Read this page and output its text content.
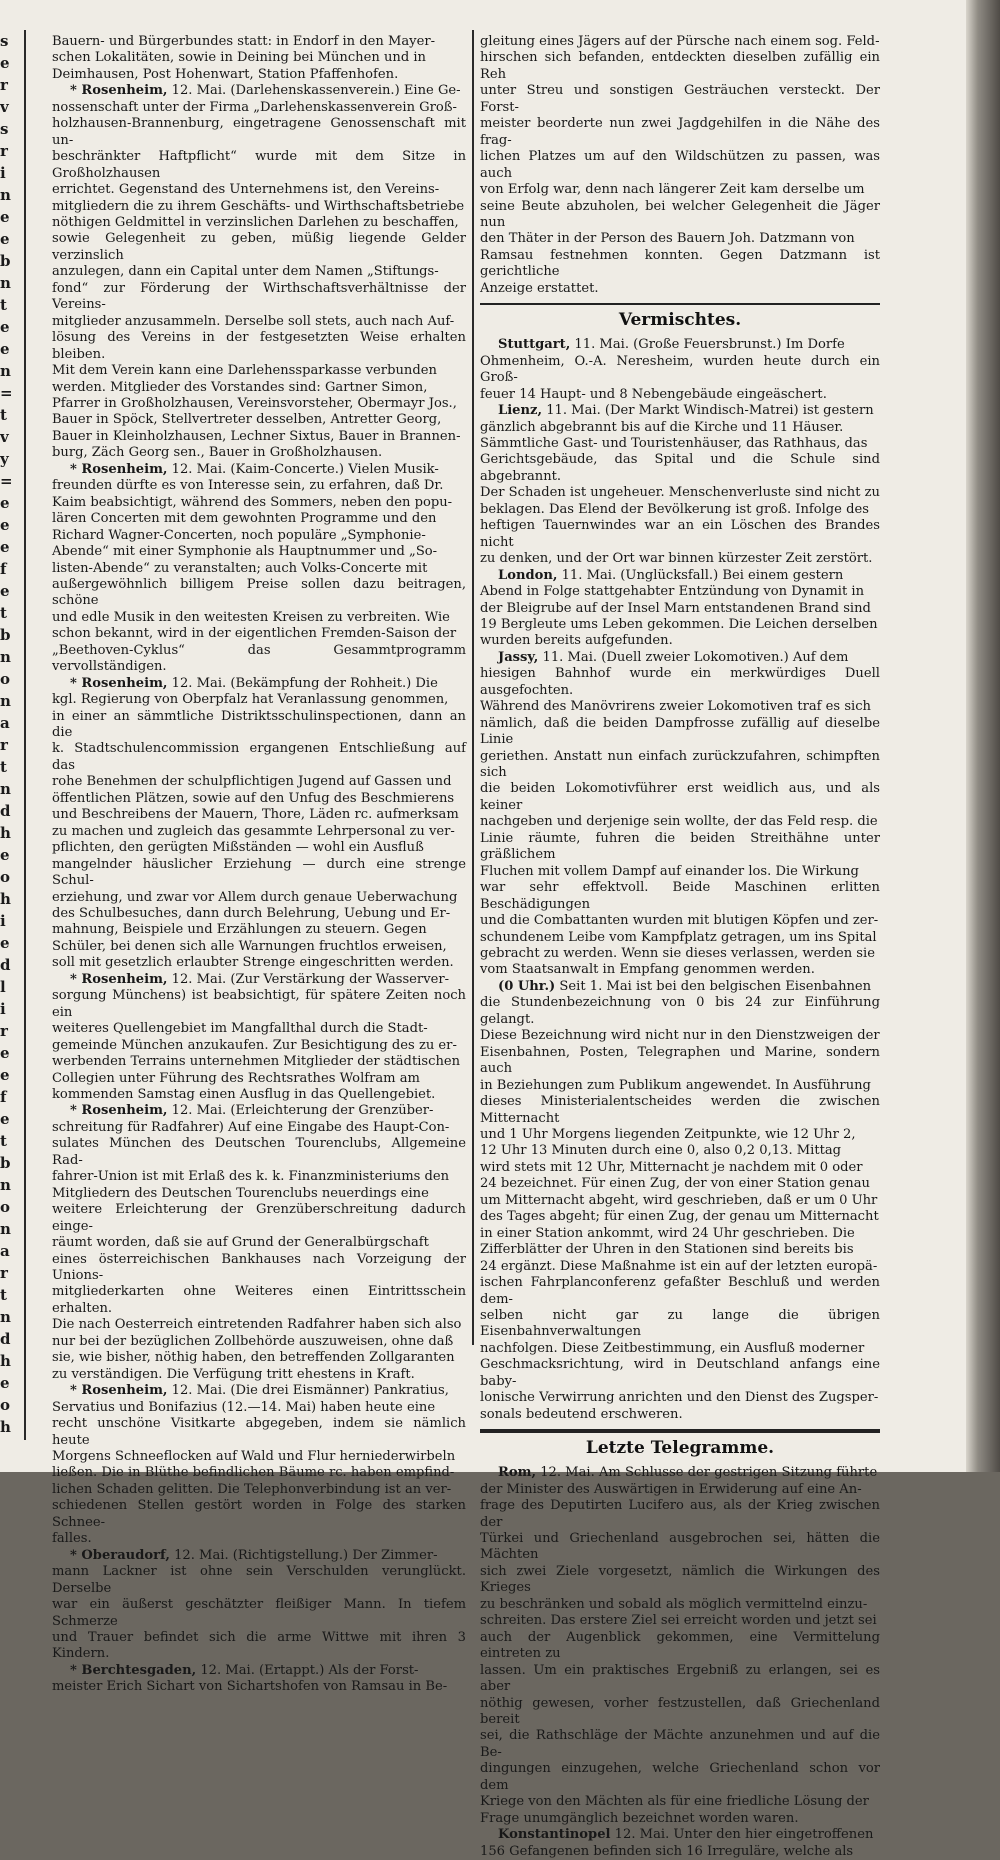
s
e
r
v
s
r
i
n
e
e
b
n
t
e
e
n
=
t
v
y
=
e
e
e
f
e
t
b
n
o
n
a
r
t
n
d
h
e
o
h
i
e
d
l
i
r
e
e
f
e
t
b
n
o
n
a
r
t
n
d
h
e
o
h

Bauern- und Bürgerbundes statt: in Endorf in den Mayer-

schen Lokalitäten, sowie in Deining bei München und in

Deimhausen, Post Hohenwart, Station Pfaffenhofen.

* Rosenheim, 12. Mai. (Darlehenskassenverein.) Eine Ge-

nossenschaft unter der Firma „Darlehenskassenverein Groß-

holzhausen-Brannenburg, eingetragene Genossenschaft mit un-

beschränkter Haftpflicht“ wurde mit dem Sitze in Großholzhausen

errichtet. Gegenstand des Unternehmens ist, den Vereins-

mitgliedern die zu ihrem Geschäfts- und Wirthschaftsbetriebe

nöthigen Geldmittel in verzinslichen Darlehen zu beschaffen,

sowie Gelegenheit zu geben, müßig liegende Gelder verzinslich

anzulegen, dann ein Capital unter dem Namen „Stiftungs-

fond“ zur Förderung der Wirthschaftsverhältnisse der Vereins-

mitglieder anzusammeln. Derselbe soll stets, auch nach Auf-

lösung des Vereins in der festgesetzten Weise erhalten bleiben.

Mit dem Verein kann eine Darlehenssparkasse verbunden

werden. Mitglieder des Vorstandes sind: Gartner Simon,

Pfarrer in Großholzhausen, Vereinsvorsteher, Obermayr Jos.,

Bauer in Spöck, Stellvertreter desselben, Antretter Georg,

Bauer in Kleinholzhausen, Lechner Sixtus, Bauer in Brannen-

burg, Zäch Georg sen., Bauer in Großholzhausen.

* Rosenheim, 12. Mai. (Kaim-Concerte.) Vielen Musik-

freunden dürfte es von Interesse sein, zu erfahren, daß Dr.

Kaim beabsichtigt, während des Sommers, neben den popu-

lären Concerten mit dem gewohnten Programme und den

Richard Wagner-Concerten, noch populäre „Symphonie-

Abende“ mit einer Symphonie als Hauptnummer und „So-

listen-Abende“ zu veranstalten; auch Volks-Concerte mit

außergewöhnlich billigem Preise sollen dazu beitragen, schöne

und edle Musik in den weitesten Kreisen zu verbreiten. Wie

schon bekannt, wird in der eigentlichen Fremden-Saison der

„Beethoven-Cyklus“ das Gesammtprogramm vervollständigen.

* Rosenheim, 12. Mai. (Bekämpfung der Rohheit.) Die

kgl. Regierung von Oberpfalz hat Veranlassung genommen,

in einer an sämmtliche Distriktsschulinspectionen, dann an die

k. Stadtschulencommission ergangenen Entschließung auf das

rohe Benehmen der schulpflichtigen Jugend auf Gassen und

öffentlichen Plätzen, sowie auf den Unfug des Beschmierens

und Beschreibens der Mauern, Thore, Läden rc. aufmerksam

zu machen und zugleich das gesammte Lehrpersonal zu ver-

pflichten, den gerügten Mißständen — wohl ein Ausfluß

mangelnder häuslicher Erziehung — durch eine strenge Schul-

erziehung, und zwar vor Allem durch genaue Ueberwachung

des Schulbesuches, dann durch Belehrung, Uebung und Er-

mahnung, Beispiele und Erzählungen zu steuern. Gegen

Schüler, bei denen sich alle Warnungen fruchtlos erweisen,

soll mit gesetzlich erlaubter Strenge eingeschritten werden.

* Rosenheim, 12. Mai. (Zur Verstärkung der Wasserver-

sorgung Münchens) ist beabsichtigt, für spätere Zeiten noch ein

weiteres Quellengebiet im Mangfallthal durch die Stadt-

gemeinde München anzukaufen. Zur Besichtigung des zu er-

werbenden Terrains unternehmen Mitglieder der städtischen

Collegien unter Führung des Rechtsrathes Wolfram am

kommenden Samstag einen Ausflug in das Quellengebiet.

* Rosenheim, 12. Mai. (Erleichterung der Grenzüber-

schreitung für Radfahrer) Auf eine Eingabe des Haupt-Con-

sulates München des Deutschen Tourenclubs, Allgemeine Rad-

fahrer-Union ist mit Erlaß des k. k. Finanzministeriums den

Mitgliedern des Deutschen Tourenclubs neuerdings eine

weitere Erleichterung der Grenzüberschreitung dadurch einge-

räumt worden, daß sie auf Grund der Generalbürgschaft

eines österreichischen Bankhauses nach Vorzeigung der Unions-

mitgliederkarten ohne Weiteres einen Eintrittsschein erhalten.

Die nach Oesterreich eintretenden Radfahrer haben sich also

nur bei der bezüglichen Zollbehörde auszuweisen, ohne daß

sie, wie bisher, nöthig haben, den betreffenden Zollgaranten

zu verständigen. Die Verfügung tritt ehestens in Kraft.

* Rosenheim, 12. Mai. (Die drei Eismänner) Pankratius,

Servatius und Bonifazius (12.—14. Mai) haben heute eine

recht unschöne Visitkarte abgegeben, indem sie nämlich heute

Morgens Schneeflocken auf Wald und Flur herniederwirbeln

ließen. Die in Blüthe befindlichen Bäume rc. haben empfind-

lichen Schaden gelitten. Die Telephonverbindung ist an ver-

schiedenen Stellen gestört worden in Folge des starken Schnee-

falles.

* Oberaudorf, 12. Mai. (Richtigstellung.) Der Zimmer-

mann Lackner ist ohne sein Verschulden verunglückt. Derselbe

war ein äußerst geschätzter fleißiger Mann. In tiefem Schmerze

und Trauer befindet sich die arme Wittwe mit ihren 3 Kindern.

* Berchtesgaden, 12. Mai. (Ertappt.) Als der Forst-

meister Erich Sichart von Sichartshofen von Ramsau in Be-

gleitung eines Jägers auf der Pürsche nach einem sog. Feld-

hirschen sich befanden, entdeckten dieselben zufällig ein Reh

unter Streu und sonstigen Gesträuchen versteckt. Der Forst-

meister beorderte nun zwei Jagdgehilfen in die Nähe des frag-

lichen Platzes um auf den Wildschützen zu passen, was auch

von Erfolg war, denn nach längerer Zeit kam derselbe um

seine Beute abzuholen, bei welcher Gelegenheit die Jäger nun

den Thäter in der Person des Bauern Joh. Datzmann von

Ramsau festnehmen konnten. Gegen Datzmann ist gerichtliche

Anzeige erstattet.

Vermischtes.

Stuttgart, 11. Mai. (Große Feuersbrunst.) Im Dorfe

Ohmenheim, O.-A. Neresheim, wurden heute durch ein Groß-

feuer 14 Haupt- und 8 Nebengebäude eingeäschert.

Lienz, 11. Mai. (Der Markt Windisch-Matrei) ist gestern

gänzlich abgebrannt bis auf die Kirche und 11 Häuser.

Sämmtliche Gast- und Touristenhäuser, das Rathhaus, das

Gerichtsgebäude, das Spital und die Schule sind abgebrannt.

Der Schaden ist ungeheuer. Menschenverluste sind nicht zu

beklagen. Das Elend der Bevölkerung ist groß. Infolge des

heftigen Tauernwindes war an ein Löschen des Brandes nicht

zu denken, und der Ort war binnen kürzester Zeit zerstört.

London, 11. Mai. (Unglücksfall.) Bei einem gestern

Abend in Folge stattgehabter Entzündung von Dynamit in

der Bleigrube auf der Insel Marn entstandenen Brand sind

19 Bergleute ums Leben gekommen. Die Leichen derselben

wurden bereits aufgefunden.

Jassy, 11. Mai. (Duell zweier Lokomotiven.) Auf dem

hiesigen Bahnhof wurde ein merkwürdiges Duell ausgefochten.

Während des Manövrirens zweier Lokomotiven traf es sich

nämlich, daß die beiden Dampfrosse zufällig auf dieselbe Linie

geriethen. Anstatt nun einfach zurückzufahren, schimpften sich

die beiden Lokomotivführer erst weidlich aus, und als keiner

nachgeben und derjenige sein wollte, der das Feld resp. die

Linie räumte, fuhren die beiden Streithähne unter gräßlichem

Fluchen mit vollem Dampf auf einander los. Die Wirkung

war sehr effektvoll. Beide Maschinen erlitten Beschädigungen

und die Combattanten wurden mit blutigen Köpfen und zer-

schundenem Leibe vom Kampfplatz getragen, um ins Spital

gebracht zu werden. Wenn sie dieses verlassen, werden sie

vom Staatsanwalt in Empfang genommen werden.

(0 Uhr.) Seit 1. Mai ist bei den belgischen Eisenbahnen

die Stundenbezeichnung von 0 bis 24 zur Einführung gelangt.

Diese Bezeichnung wird nicht nur in den Dienstzweigen der

Eisenbahnen, Posten, Telegraphen und Marine, sondern auch

in Beziehungen zum Publikum angewendet. In Ausführung

dieses Ministerialentscheides werden die zwischen Mitternacht

und 1 Uhr Morgens liegenden Zeitpunkte, wie 12 Uhr 2,

12 Uhr 13 Minuten durch eine 0, also 0,2 0,13. Mittag

wird stets mit 12 Uhr, Mitternacht je nachdem mit 0 oder

24 bezeichnet. Für einen Zug, der von einer Station genau

um Mitternacht abgeht, wird geschrieben, daß er um 0 Uhr

des Tages abgeht; für einen Zug, der genau um Mitternacht

in einer Station ankommt, wird 24 Uhr geschrieben. Die

Zifferblätter der Uhren in den Stationen sind bereits bis

24 ergänzt. Diese Maßnahme ist ein auf der letzten europä-

ischen Fahrplanconferenz gefaßter Beschluß und werden dem-

selben nicht gar zu lange die übrigen Eisenbahnverwaltungen

nachfolgen. Diese Zeitbestimmung, ein Ausfluß moderner

Geschmacksrichtung, wird in Deutschland anfangs eine baby-

lonische Verwirrung anrichten und den Dienst des Zugsper-

sonals bedeutend erschweren.

Letzte Telegramme.

Rom, 12. Mai. Am Schlusse der gestrigen Sitzung führte

der Minister des Auswärtigen in Erwiderung auf eine An-

frage des Deputirten Lucifero aus, als der Krieg zwischen der

Türkei und Griechenland ausgebrochen sei, hätten die Mächten

sich zwei Ziele vorgesetzt, nämlich die Wirkungen des Krieges

zu beschränken und sobald als möglich vermittelnd einzu-

schreiten. Das erstere Ziel sei erreicht worden und jetzt sei

auch der Augenblick gekommen, eine Vermittelung eintreten zu

lassen. Um ein praktisches Ergebniß zu erlangen, sei es aber

nöthig gewesen, vorher festzustellen, daß Griechenland bereit

sei, die Rathschläge der Mächte anzunehmen und auf die Be-

dingungen einzugehen, welche Griechenland schon vor dem

Kriege von den Mächten als für eine friedliche Lösung der

Frage unumgänglich bezeichnet worden waren.

Konstantinopel 12. Mai. Unter den hier eingetroffenen

156 Gefangenen befinden sich 16 Irreguläre, welche als
